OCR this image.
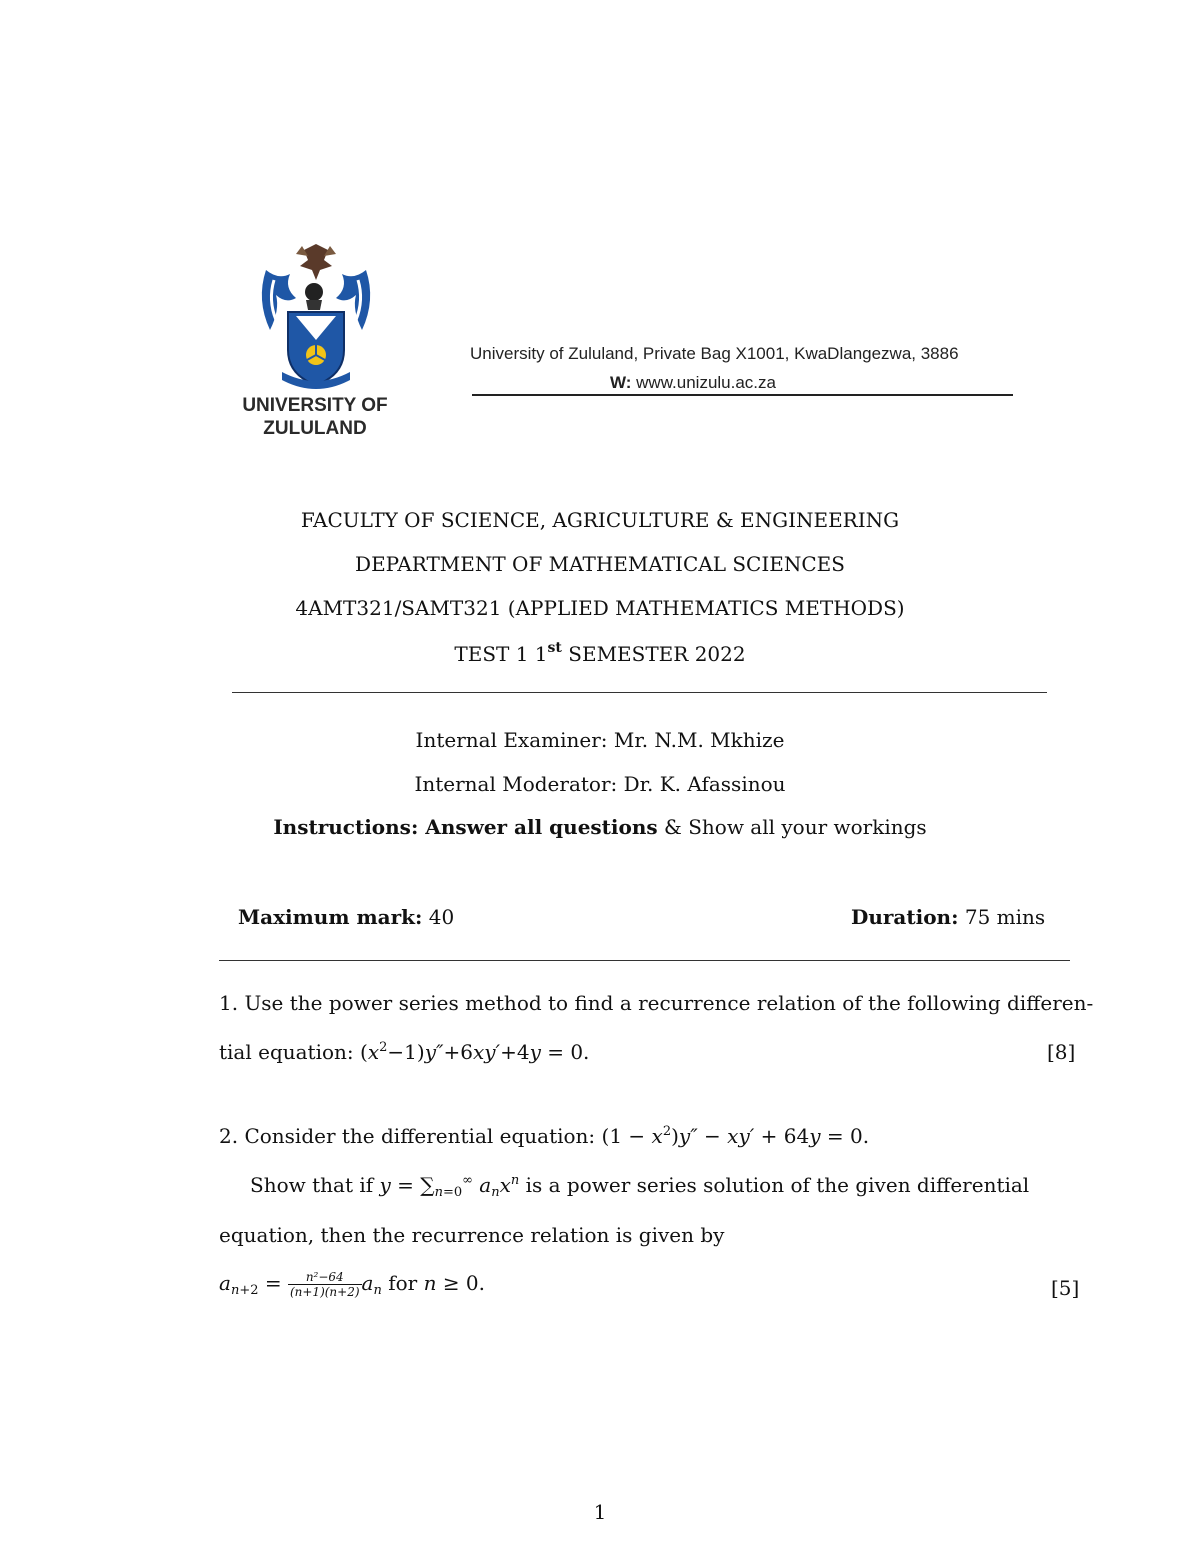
UNIVERSITY OF
ZULULAND
University of Zululand, Private Bag X1001, KwaDlangezwa, 3886
W: www.unizulu.ac.za
FACULTY OF SCIENCE, AGRICULTURE & ENGINEERING
DEPARTMENT OF MATHEMATICAL SCIENCES
4AMT321/SAMT321 (APPLIED MATHEMATICS METHODS)
TEST 1 1st SEMESTER 2022
Internal Examiner: Mr. N.M. Mkhize
Internal Moderator: Dr. K. Afassinou
Instructions: Answer all questions & Show all your workings
Maximum mark: 40	Duration: 75 mins
1. Use the power series method to find a recurrence relation of the following differen-
tial equation: $(x^2-1)y''+6xy'+4y = 0$.	[8]
2. Consider the differential equation: $(1 - x^2)y'' - xy' + 64y = 0$.
Show that if $y = \sum_{n=0}^\infty$ $a_nx^n$ is a power series solution of the given differential
equation, then the recurrence relation is given by
$a_{n+2} = \frac{\text{n²−64}}{(n+1)(n+2)} a_n$ for n ≥ 0.	[5]
1
